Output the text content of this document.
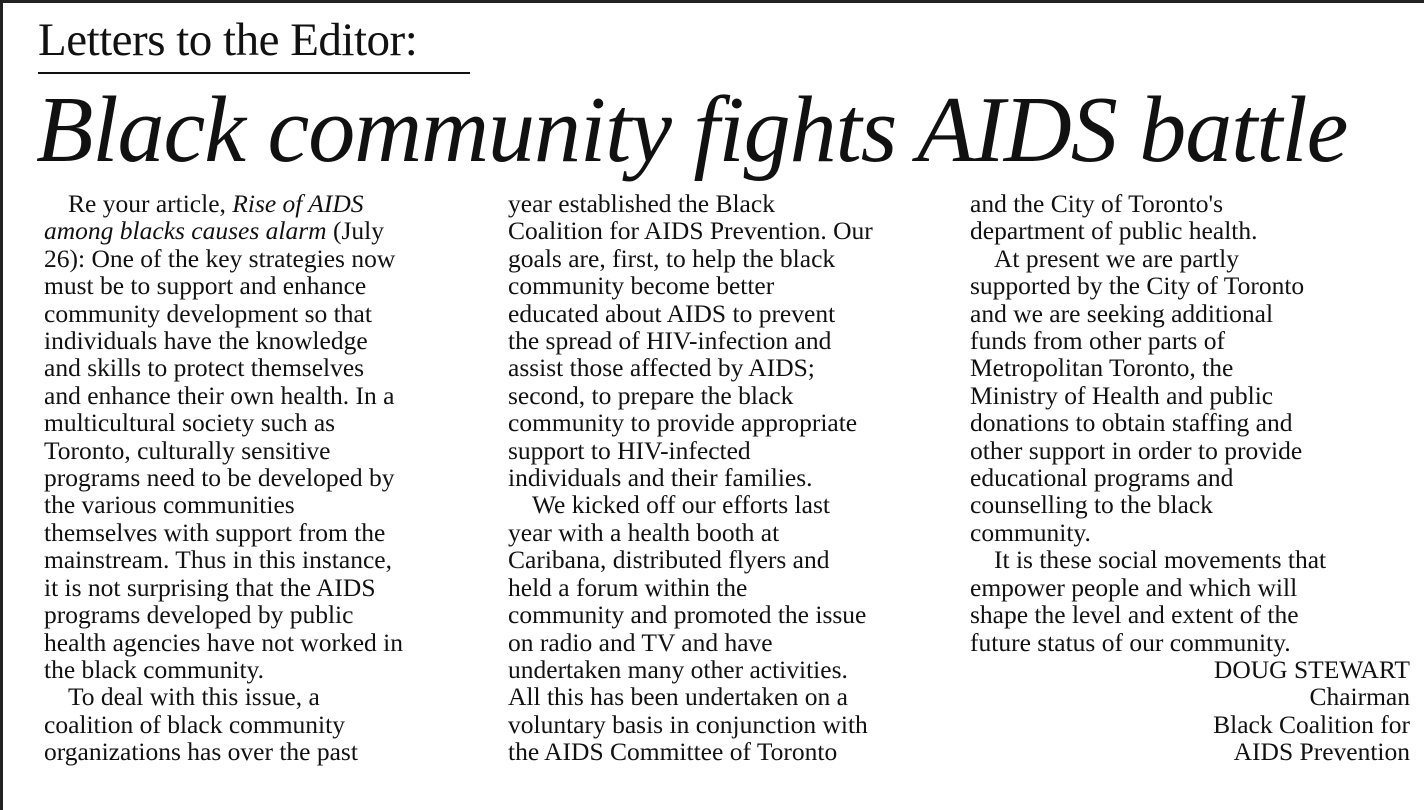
Letters to the Editor:
Black community fights AIDS battle
Re your article, Rise of AIDS
among blacks causes alarm (July
26): One of the key strategies now
must be to support and enhance
community development so that
individuals have the knowledge
and skills to protect themselves
and enhance their own health. In a
multicultural society such as
Toronto, culturally sensitive
programs need to be developed by
the various communities
themselves with support from the
mainstream. Thus in this instance,
it is not surprising that the AIDS
programs developed by public
health agencies have not worked in
the black community.
To deal with this issue, a
coalition of black community
organizations has over the past
year established the Black
Coalition for AIDS Prevention. Our
goals are, first, to help the black
community become better
educated about AIDS to prevent
the spread of HIV-infection and
assist those affected by AIDS;
second, to prepare the black
community to provide appropriate
support to HIV-infected
individuals and their families.
We kicked off our efforts last
year with a health booth at
Caribana, distributed flyers and
held a forum within the
community and promoted the issue
on radio and TV and have
undertaken many other activities.
All this has been undertaken on a
voluntary basis in conjunction with
the AIDS Committee of Toronto
and the City of Toronto's
department of public health.
At present we are partly
supported by the City of Toronto
and we are seeking additional
funds from other parts of
Metropolitan Toronto, the
Ministry of Health and public
donations to obtain staffing and
other support in order to provide
educational programs and
counselling to the black
community.
It is these social movements that
empower people and which will
shape the level and extent of the
future status of our community.
DOUG STEWART
Chairman
Black Coalition for
AIDS Prevention
